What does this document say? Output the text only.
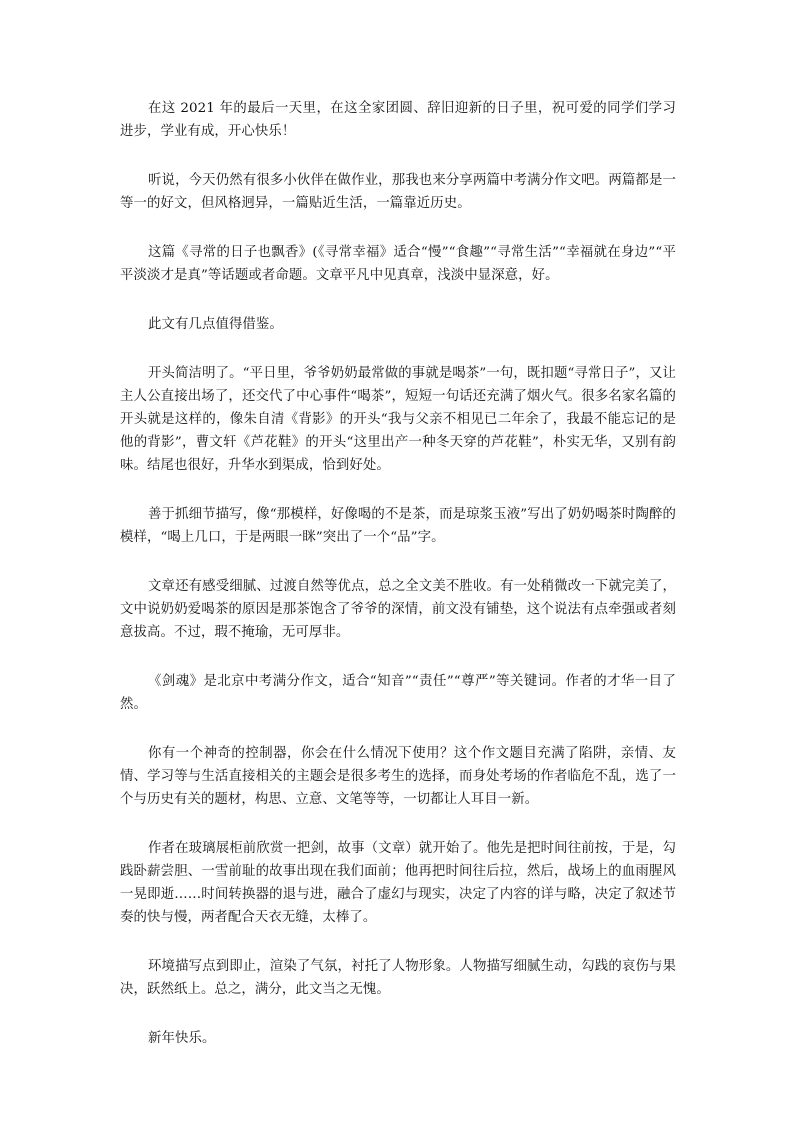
在这 2021 年的最后一天里，在这全家团圆、辞旧迎新的日子里，祝可爱的同学们学习进步，学业有成，开心快乐！

听说，今天仍然有很多小伙伴在做作业，那我也来分享两篇中考满分作文吧。两篇都是一等一的好文，但风格迥异，一篇贴近生活，一篇靠近历史。

这篇《寻常的日子也飘香》(《寻常幸福》适合“慢”“食趣”“寻常生活”“幸福就在身边”“平平淡淡才是真”等话题或者命题。文章平凡中见真章，浅淡中显深意，好。

此文有几点值得借鉴。

开头简洁明了。“平日里，爷爷奶奶最常做的事就是喝茶”一句，既扣题“寻常日子”，又让主人公直接出场了，还交代了中心事件“喝茶”，短短一句话还充满了烟火气。很多名家名篇的开头就是这样的，像朱自清《背影》的开头“我与父亲不相见已二年余了，我最不能忘记的是他的背影”，曹文轩《芦花鞋》的开头“这里出产一种冬天穿的芦花鞋”，朴实无华，又别有韵味。结尾也很好，升华水到渠成，恰到好处。

善于抓细节描写，像“那模样，好像喝的不是茶，而是琼浆玉液”写出了奶奶喝茶时陶醉的模样，“喝上几口，于是两眼一眯”突出了一个“品”字。

文章还有感受细腻、过渡自然等优点，总之全文美不胜收。有一处稍微改一下就完美了，文中说奶奶爱喝茶的原因是那茶饱含了爷爷的深情，前文没有铺垫，这个说法有点牵强或者刻意拔高。不过，瑕不掩瑜，无可厚非。

《剑魂》是北京中考满分作文，适合“知音”“责任”“尊严”等关键词。作者的才华一目了然。

你有一个神奇的控制器，你会在什么情况下使用？这个作文题目充满了陷阱，亲情、友情、学习等与生活直接相关的主题会是很多考生的选择，而身处考场的作者临危不乱，选了一个与历史有关的题材，构思、立意、文笔等等，一切都让人耳目一新。

作者在玻璃展柜前欣赏一把剑，故事（文章）就开始了。他先是把时间往前按，于是，勾践卧薪尝胆、一雪前耻的故事出现在我们面前；他再把时间往后拉，然后，战场上的血雨腥风一晃即逝……时间转换器的退与进，融合了虚幻与现实，决定了内容的详与略，决定了叙述节奏的快与慢，两者配合天衣无缝，太棒了。

环境描写点到即止，渲染了气氛，衬托了人物形象。人物描写细腻生动，勾践的哀伤与果决，跃然纸上。总之，满分，此文当之无愧。

新年快乐。
